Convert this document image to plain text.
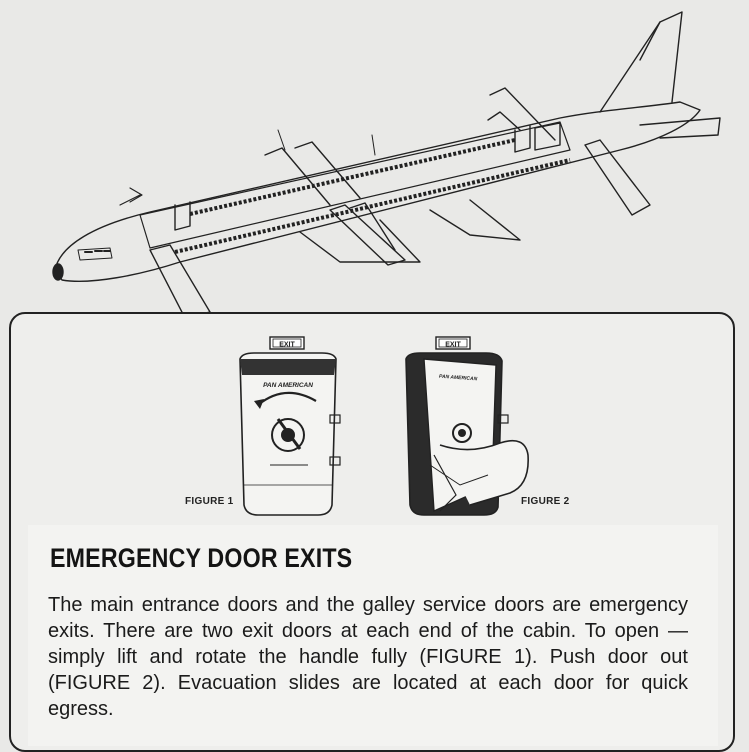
EXIT
PAN AMERICAN
FIGURE 1
EXIT
PAN AMERICAN
FIGURE 2
EMERGENCY DOOR EXITS

The main entrance doors and the galley service doors are emergency exits. There are two exit doors at each end of the cabin. To open — simply lift and rotate the handle fully (FIGURE 1). Push door out (FIGURE 2). Evacuation slides are located at each door for quick egress.
